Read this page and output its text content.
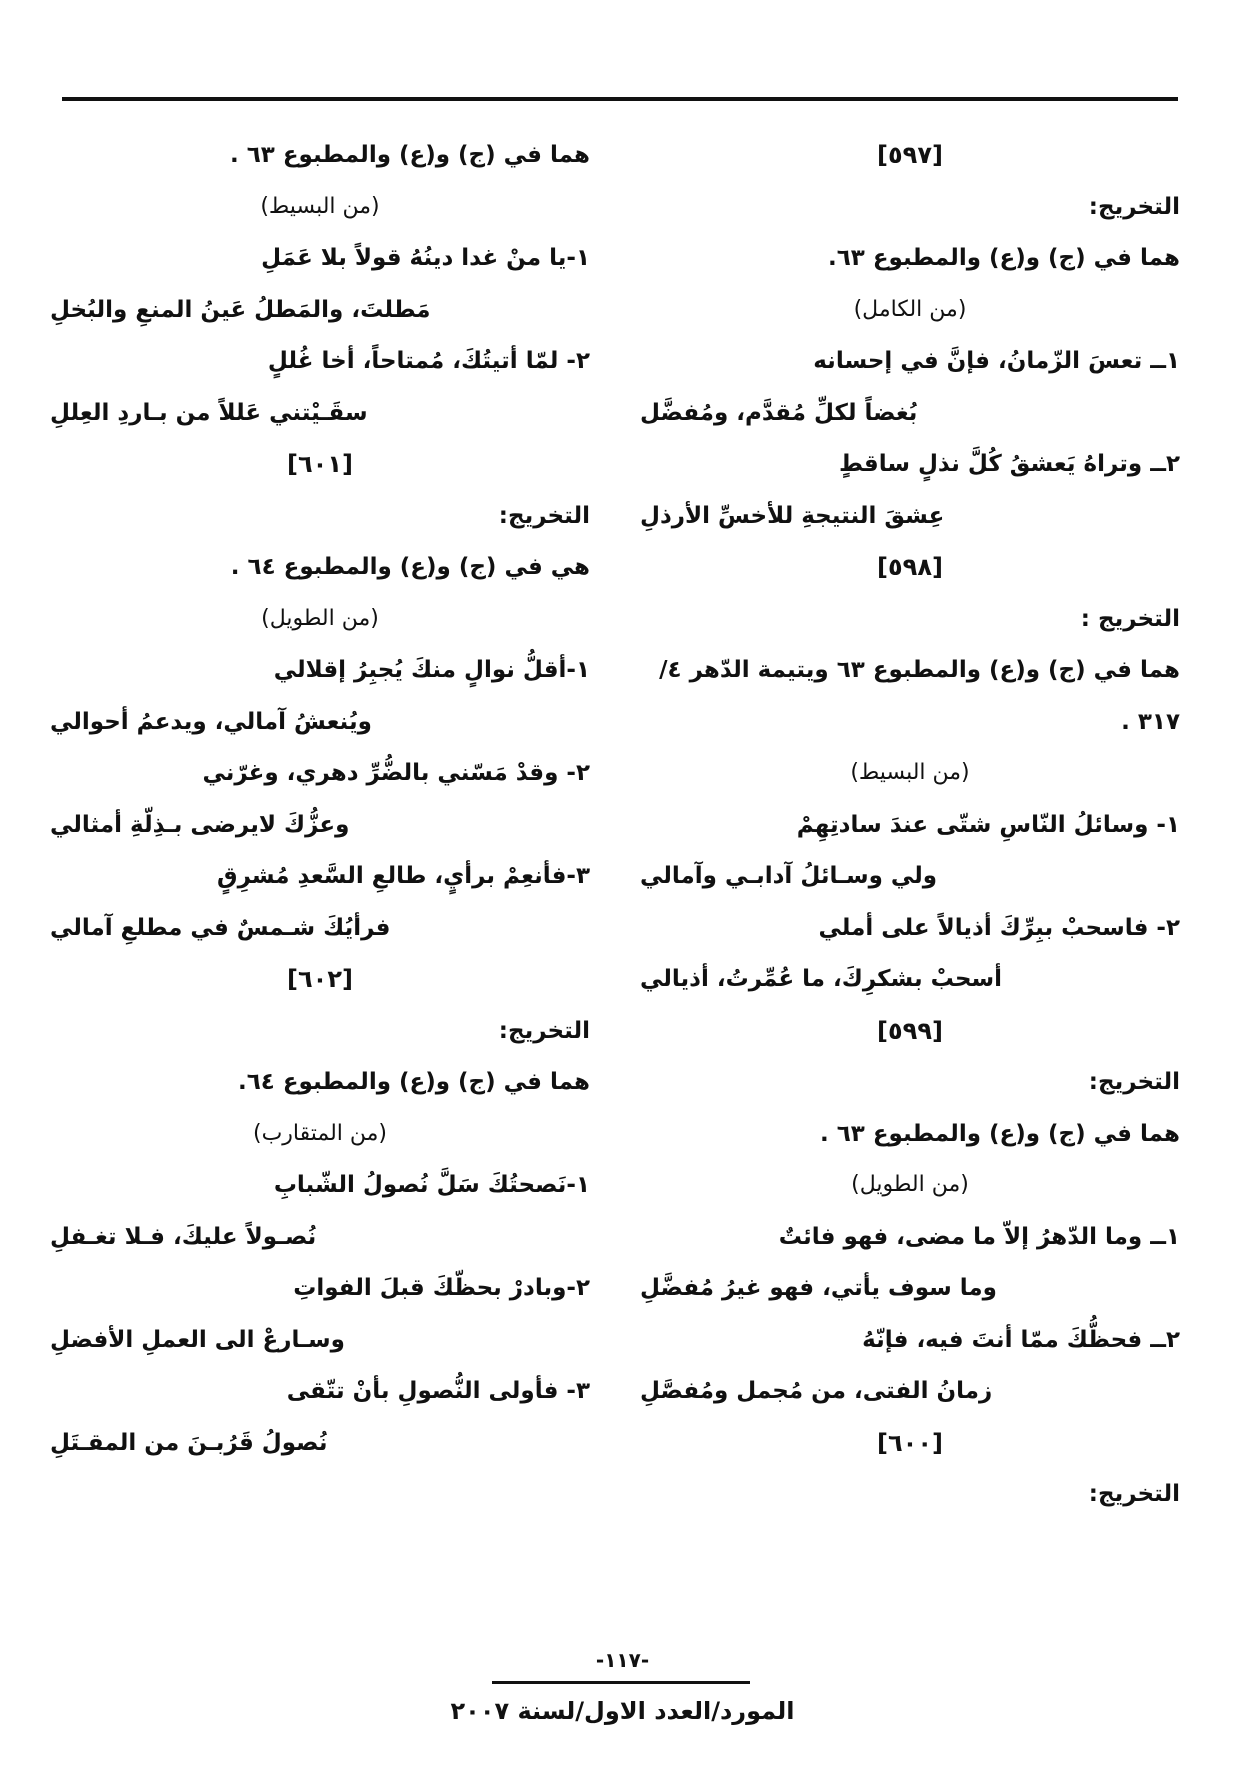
[٥٩٧]
التخريج:
هما في (ج) و(ع) والمطبوع ٦٣.
(من الكامل)
١ــ تعسَ الزّمانُ، فإنَّ في إحسانه
بُغضاً لكلِّ مُقدَّم، ومُفضَّل
٢ــ وتراهُ يَعشقُ كُلَّ نذلٍ ساقطٍ
عِشقَ النتيجةِ للأخسِّ الأرذلِ
[٥٩٨]
التخريج :
هما في (ج) و(ع) والمطبوع ٦٣ ويتيمة الدّهر ٤/
٣١٧ .
(من البسيط)
١- وسائلُ النّاسِ شتّى عندَ سادتِهِمْ
ولي وسـائلُ آدابـي وآمالي
٢- فاسحبْ ببِرِّكَ أذيالاً على أملي
أسحبْ بشكرِكَ، ما عُمِّرتُ، أذيالي
[٥٩٩]
التخريج:
هما في (ج) و(ع) والمطبوع ٦٣ .
(من الطويل)
١ــ وما الدّهرُ إلاّ ما مضى، فهو فائتٌ
وما سوف يأتي، فهو غيرُ مُفضَّلِ
٢ــ فحظُّكَ ممّا أنتَ فيه، فإنّهُ
زمانُ الفتى، من مُجمل ومُفصَّلِ
[٦٠٠]
التخريج:
هما في (ج) و(ع) والمطبوع ٦٣ .
(من البسيط)
١-يا منْ غدا دينُهُ قولاً بلا عَمَلِ
مَطلتَ، والمَطلُ عَينُ المنعِ والبُخلِ
٢- لمّا أتيتُكَ، مُمتاحاً، أخا غُللٍ
سقَـيْتني عَللاً من بـاردِ العِللِ
[٦٠١]
التخريج:
هي في (ج) و(ع) والمطبوع ٦٤ .
(من الطويل)
١-أقلُّ نوالٍ منكَ يُجبِرُ إقلالي
ويُنعشُ آمالي، ويدعمُ أحوالي
٢- وقدْ مَسّني بالضُّرِّ دهري، وغرّني
وعزُّكَ لايرضى بـذِلّةِ أمثالي
٣-فأنعِمْ برأيٍ، طالعِ السَّعدِ مُشرِقٍ
فرأيُكَ شـمسٌ في مطلعِ آمالي
[٦٠٢]
التخريج:
هما في (ج) و(ع) والمطبوع ٦٤.
(من المتقارب)
١-نَصحتُكَ سَلَّ نُصولُ الشّبابِ
نُصـولاً عليكَ، فـلا تغـفلِ
٢-وبادرْ بحظّكَ قبلَ الفواتِ
وسـارعْ الى العملِ الأفضلِ
٣- فأولى النُّصولِ بأنْ تتّقى
نُصولُ قَرُبـنَ من المقـتَلِ
-١١٧-
المورد/العدد الاول/لسنة ٢٠٠٧
